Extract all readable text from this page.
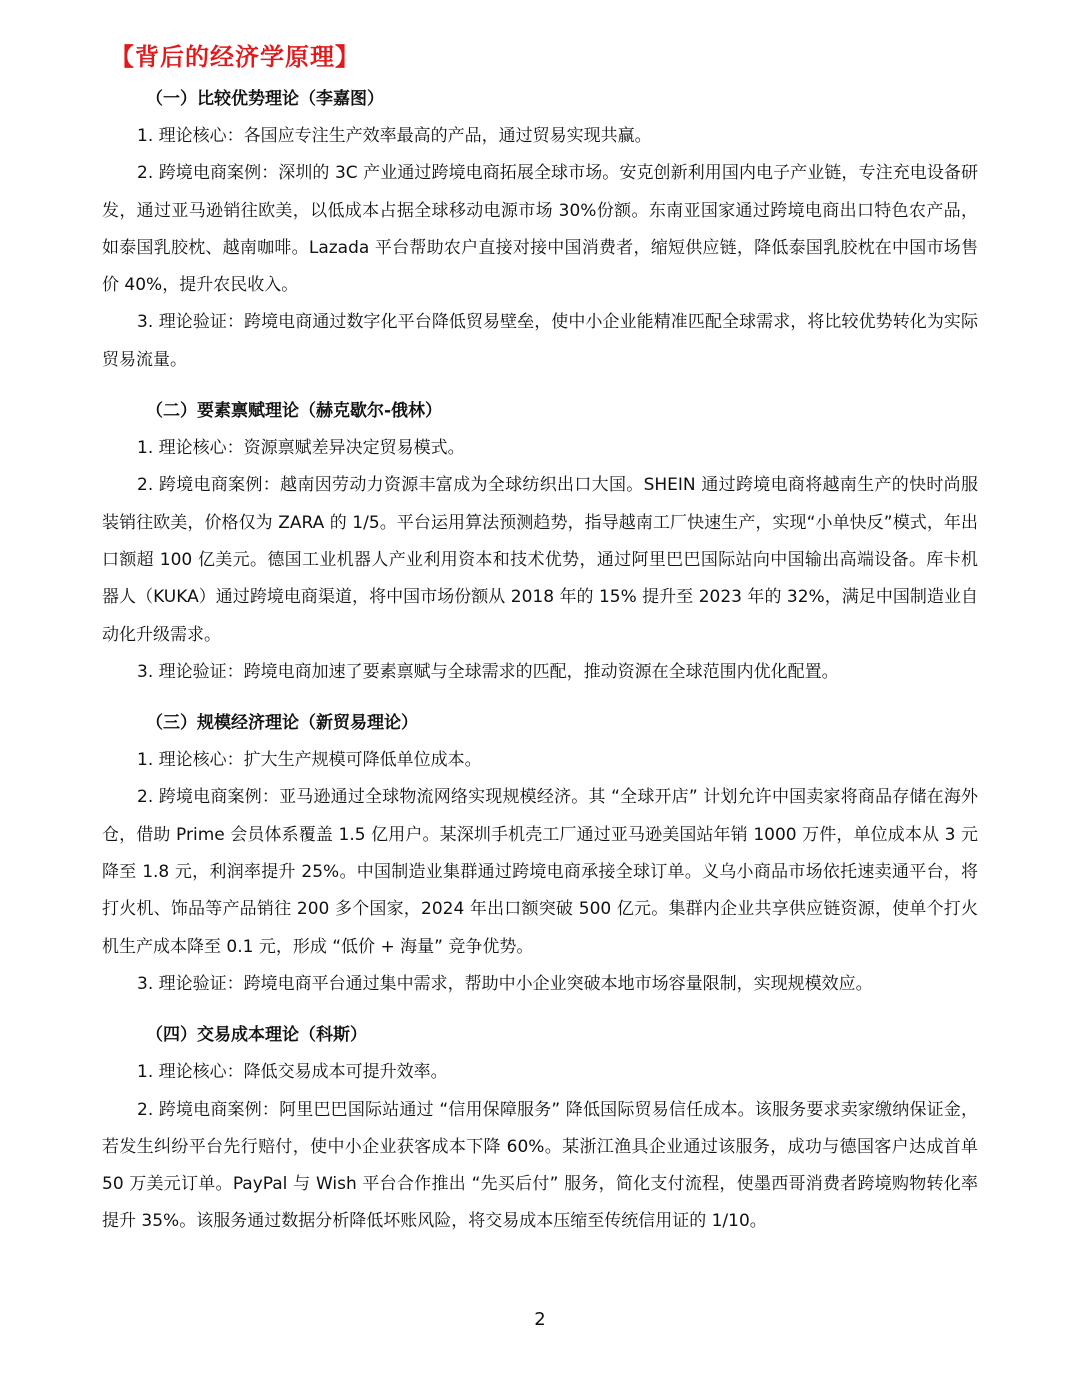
【背后的经济学原理】
（一）比较优势理论（李嘉图）

1. 理论核心：各国应专注生产效率最高的产品，通过贸易实现共赢。

2. 跨境电商案例：深圳的 3C 产业通过跨境电商拓展全球市场。安克创新利用国内电子产业链，专注充电设备研发，通过亚马逊销往欧美，以低成本占据全球移动电源市场 30%份额。东南亚国家通过跨境电商出口特色农产品，如泰国乳胶枕、越南咖啡。Lazada 平台帮助农户直接对接中国消费者，缩短供应链，降低泰国乳胶枕在中国市场售价 40%，提升农民收入。

3. 理论验证：跨境电商通过数字化平台降低贸易壁垒，使中小企业能精准匹配全球需求，将比较优势转化为实际贸易流量。

（二）要素禀赋理论（赫克歇尔-俄林）

1. 理论核心：资源禀赋差异决定贸易模式。

2. 跨境电商案例：越南因劳动力资源丰富成为全球纺织出口大国。SHEIN 通过跨境电商将越南生产的快时尚服装销往欧美，价格仅为 ZARA 的 1/5。平台运用算法预测趋势，指导越南工厂快速生产，实现“小单快反”模式，年出口额超 100 亿美元。德国工业机器人产业利用资本和技术优势，通过阿里巴巴国际站向中国输出高端设备。库卡机器人（KUKA）通过跨境电商渠道，将中国市场份额从 2018 年的 15% 提升至 2023 年的 32%，满足中国制造业自动化升级需求。

3. 理论验证：跨境电商加速了要素禀赋与全球需求的匹配，推动资源在全球范围内优化配置。

（三）规模经济理论（新贸易理论）

1. 理论核心：扩大生产规模可降低单位成本。

2. 跨境电商案例：亚马逊通过全球物流网络实现规模经济。其 “全球开店” 计划允许中国卖家将商品存储在海外仓，借助 Prime 会员体系覆盖 1.5 亿用户。某深圳手机壳工厂通过亚马逊美国站年销 1000 万件，单位成本从 3 元降至 1.8 元，利润率提升 25%。中国制造业集群通过跨境电商承接全球订单。义乌小商品市场依托速卖通平台，将打火机、饰品等产品销往 200 多个国家，2024 年出口额突破 500 亿元。集群内企业共享供应链资源，使单个打火机生产成本降至 0.1 元，形成 “低价 + 海量” 竞争优势。

3. 理论验证：跨境电商平台通过集中需求，帮助中小企业突破本地市场容量限制，实现规模效应。

（四）交易成本理论（科斯）

1. 理论核心：降低交易成本可提升效率。

2. 跨境电商案例：阿里巴巴国际站通过 “信用保障服务” 降低国际贸易信任成本。该服务要求卖家缴纳保证金，若发生纠纷平台先行赔付，使中小企业获客成本下降 60%。某浙江渔具企业通过该服务，成功与德国客户达成首单 50 万美元订单。PayPal 与 Wish 平台合作推出 “先买后付” 服务，简化支付流程，使墨西哥消费者跨境购物转化率提升 35%。该服务通过数据分析降低坏账风险，将交易成本压缩至传统信用证的 1/10。

2
